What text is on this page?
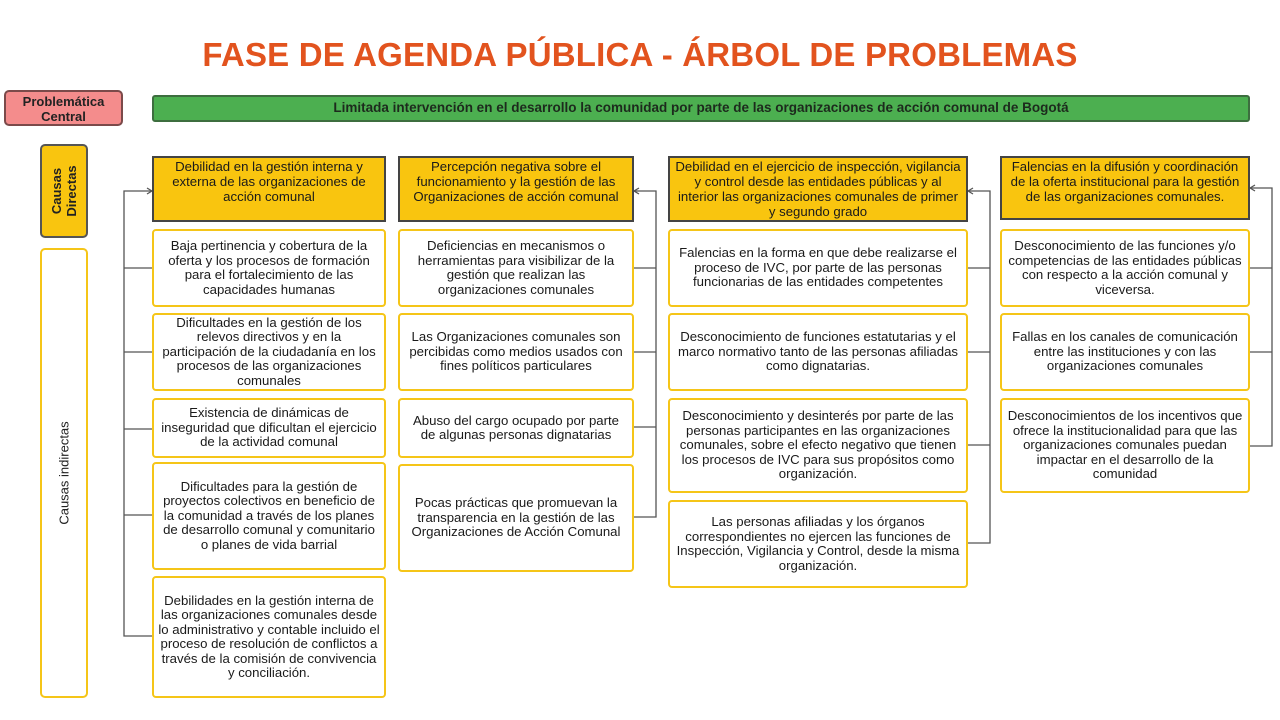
FASE DE AGENDA PÚBLICA - ÁRBOL DE PROBLEMAS
Problemática Central
Limitada intervención en el desarrollo la comunidad por parte de las organizaciones de acción comunal de Bogotá
Causas Directas
Causas indirectas
Debilidad en la gestión interna y externa de las organizaciones de acción comunal
Baja pertinencia y cobertura de la oferta y los procesos de formación para el fortalecimiento de las capacidades humanas
Dificultades en la gestión de los relevos directivos y en la participación de la ciudadanía en los procesos de las organizaciones comunales
Existencia de dinámicas de inseguridad que dificultan el ejercicio de la actividad comunal
Dificultades para la gestión de proyectos colectivos en beneficio de la comunidad a través de los planes de desarrollo comunal y comunitario o planes de vida barrial
Debilidades en la gestión interna de las organizaciones comunales desde lo administrativo y contable incluido el proceso de resolución de conflictos a través de la comisión de convivencia y conciliación.
Percepción negativa sobre el funcionamiento y la gestión de las Organizaciones de acción comunal
Deficiencias en mecanismos o herramientas para visibilizar de la gestión que realizan las organizaciones comunales
Las Organizaciones comunales son percibidas como medios usados con fines políticos particulares
Abuso del cargo ocupado por parte de algunas personas dignatarias
Pocas prácticas que promuevan la transparencia en la gestión de las Organizaciones de Acción Comunal
Debilidad en el ejercicio de inspección, vigilancia y control desde las entidades públicas y al interior las organizaciones comunales de primer y segundo grado
Falencias en la forma en que debe realizarse el proceso de IVC, por parte de las personas funcionarias de las entidades competentes
Desconocimiento de funciones estatutarias y el marco normativo tanto de las personas afiliadas como dignatarias.
Desconocimiento y desinterés por parte de las personas participantes en las organizaciones comunales, sobre el efecto negativo que tienen los procesos de IVC para sus propósitos como organización.
Las personas afiliadas y los órganos correspondientes no ejercen las funciones de Inspección, Vigilancia y Control, desde la misma organización.
Falencias en la difusión y coordinación de la oferta institucional para la gestión de las organizaciones comunales.
Desconocimiento de las funciones y/o competencias de las entidades públicas con respecto a la acción comunal y viceversa.
Fallas en los canales de comunicación entre las instituciones y con las organizaciones comunales
Desconocimientos de los incentivos que ofrece la institucionalidad para que las organizaciones comunales puedan impactar en el desarrollo de la comunidad
